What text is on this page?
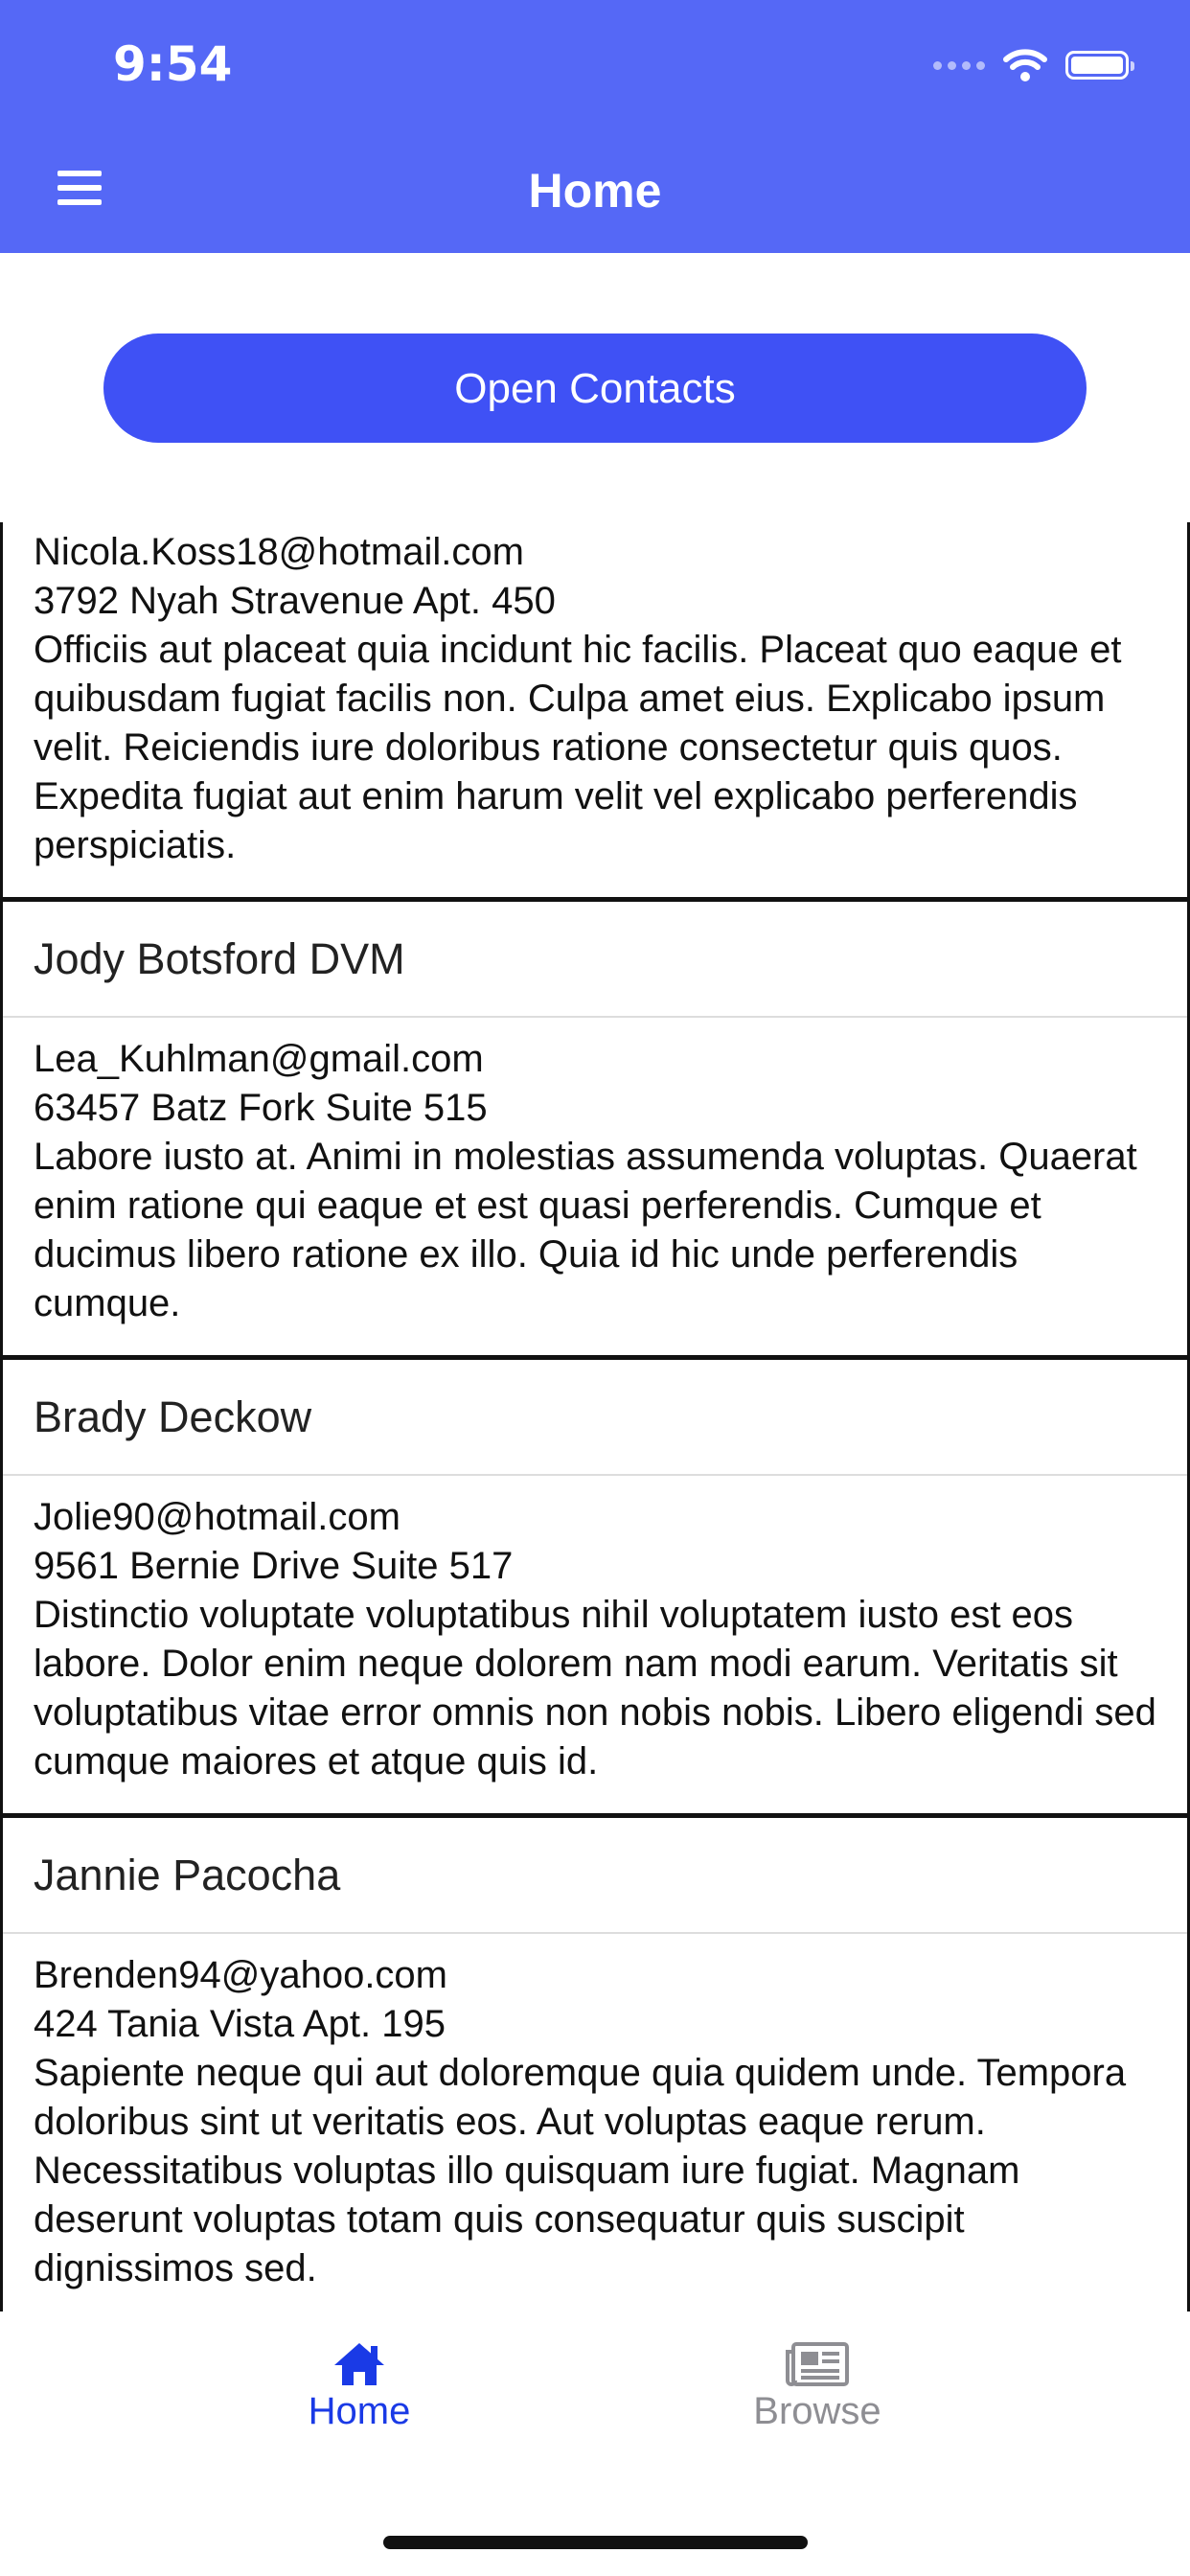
9:54
Home
Open Contacts
Nicola.Koss18@hotmail.com
3792 Nyah Stravenue Apt. 450
Officiis aut placeat quia incidunt hic facilis. Placeat quo eaque et quibusdam fugiat facilis non. Culpa amet eius. Explicabo ipsum velit. Reiciendis iure doloribus ratione consectetur quis quos. Expedita fugiat aut enim harum velit vel explicabo perferendis perspiciatis.
Jody Botsford DVM
Lea_Kuhlman@gmail.com
63457 Batz Fork Suite 515
Labore iusto at. Animi in molestias assumenda voluptas. Quaerat enim ratione qui eaque et est quasi perferendis. Cumque et ducimus libero ratione ex illo. Quia id hic unde perferendis cumque.
Brady Deckow
Jolie90@hotmail.com
9561 Bernie Drive Suite 517
Distinctio voluptate voluptatibus nihil voluptatem iusto est eos labore. Dolor enim neque dolorem nam modi earum. Veritatis sit voluptatibus vitae error omnis non nobis nobis. Libero eligendi sed cumque maiores et atque quis id.
Jannie Pacocha
Brenden94@yahoo.com
424 Tania Vista Apt. 195
Sapiente neque qui aut doloremque quia quidem unde. Tempora doloribus sint ut veritatis eos. Aut voluptas eaque rerum. Necessitatibus voluptas illo quisquam iure fugiat. Magnam deserunt voluptas totam quis consequatur quis suscipit dignissimos sed.
Home	Browse
